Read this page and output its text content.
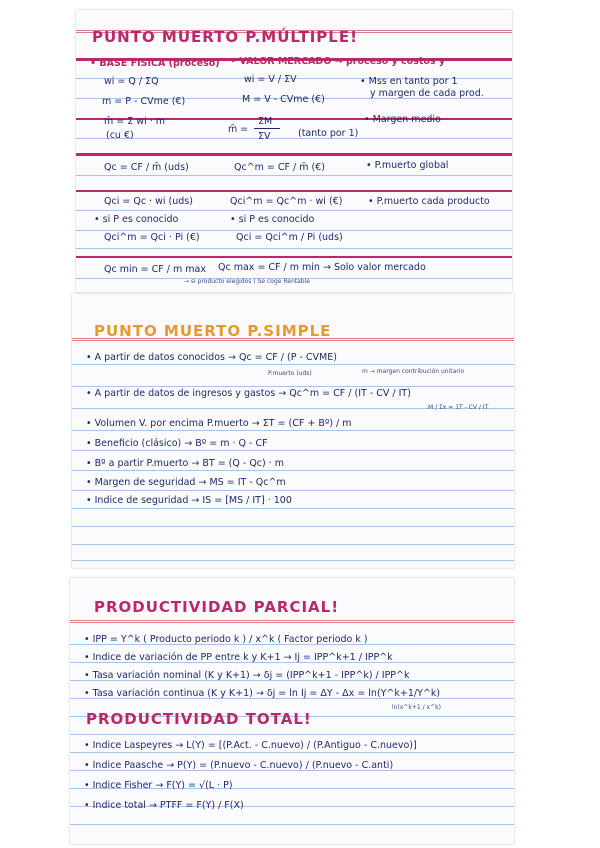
PUNTO MUERTO P.MÚLTIPLE!
• BASE FISICA (proceso) • VALOR MERCADO → proceso y costos y
wi = Q / ΣQ	wi = V / ΣV	• Mss en tanto por 1
y margen de cada prod.
m = P - CVme (€)	M = V - CVme (€)
m̄ = Σ wi · m	ΣM	• Margen medio
(cu €)
m̄ =
ΣV	(tanto por 1)
Qc = CF / m̄ (uds)	Qc^m = CF / m̄ (€)	• P.muerto global
Qci = Qc · wi (uds)	Qci^m = Qc^m · wi (€)	• P.muerto cada producto
• si P es conocido	• si P es conocido
Qci^m = Qci · Pi (€)	Qci = Qci^m / Pi (uds)
Qc min = CF / m max Qc max = CF / m min → Solo valor mercado
→ si producto elegidos ( Se coge Rentable
PUNTO MUERTO P.SIMPLE
• A partir de datos conocidos → Qc = CF / (P - CVME)
P.muerto (uds)	m → margen contribución unitario
• A partir de datos de ingresos y gastos → Qc^m = CF / (IT - CV / IT)
M / Σx = 1T - CV / IT
• Volumen V. por encima P.muerto → ΣT = (CF + Bº) / m
• Beneficio (clásico) → Bº = m · Q - CF
• Bº a partir P.muerto → BT = (Q - Qc) · m
• Margen de seguridad → MS = IT - Qc^m
• Indice de seguridad → IS = [MS / IT] · 100
PRODUCTIVIDAD PARCIAL!
• IPP = Y^k ( Producto periodo k ) / x^k ( Factor periodo k )
• Indice de variación de PP entre k y K+1 → Ij = IPP^k+1 / IPP^k
• Tasa variación nominal (K y K+1) → ẟj = (IPP^k+1 - IPP^k) / IPP^k
• Tasa variación continua (K y K+1) → ẟj = ln Ij = ΔY - Δx = ln(Y^k+1/Y^k)
ln(x^k+1 / x^k)
PRODUCTIVIDAD TOTAL!
• Indice Laspeyres → L(Y) = [(P.Act. - C.nuevo) / (P.Antiguo - C.nuevo)]
• Indice Paasche → P(Y) = (P.nuevo - C.nuevo) / (P.nuevo - C.anti)
• Indice Fisher → F(Y) = √(L · P)
• Indice total → PTFF = F(Y) / F(X)
